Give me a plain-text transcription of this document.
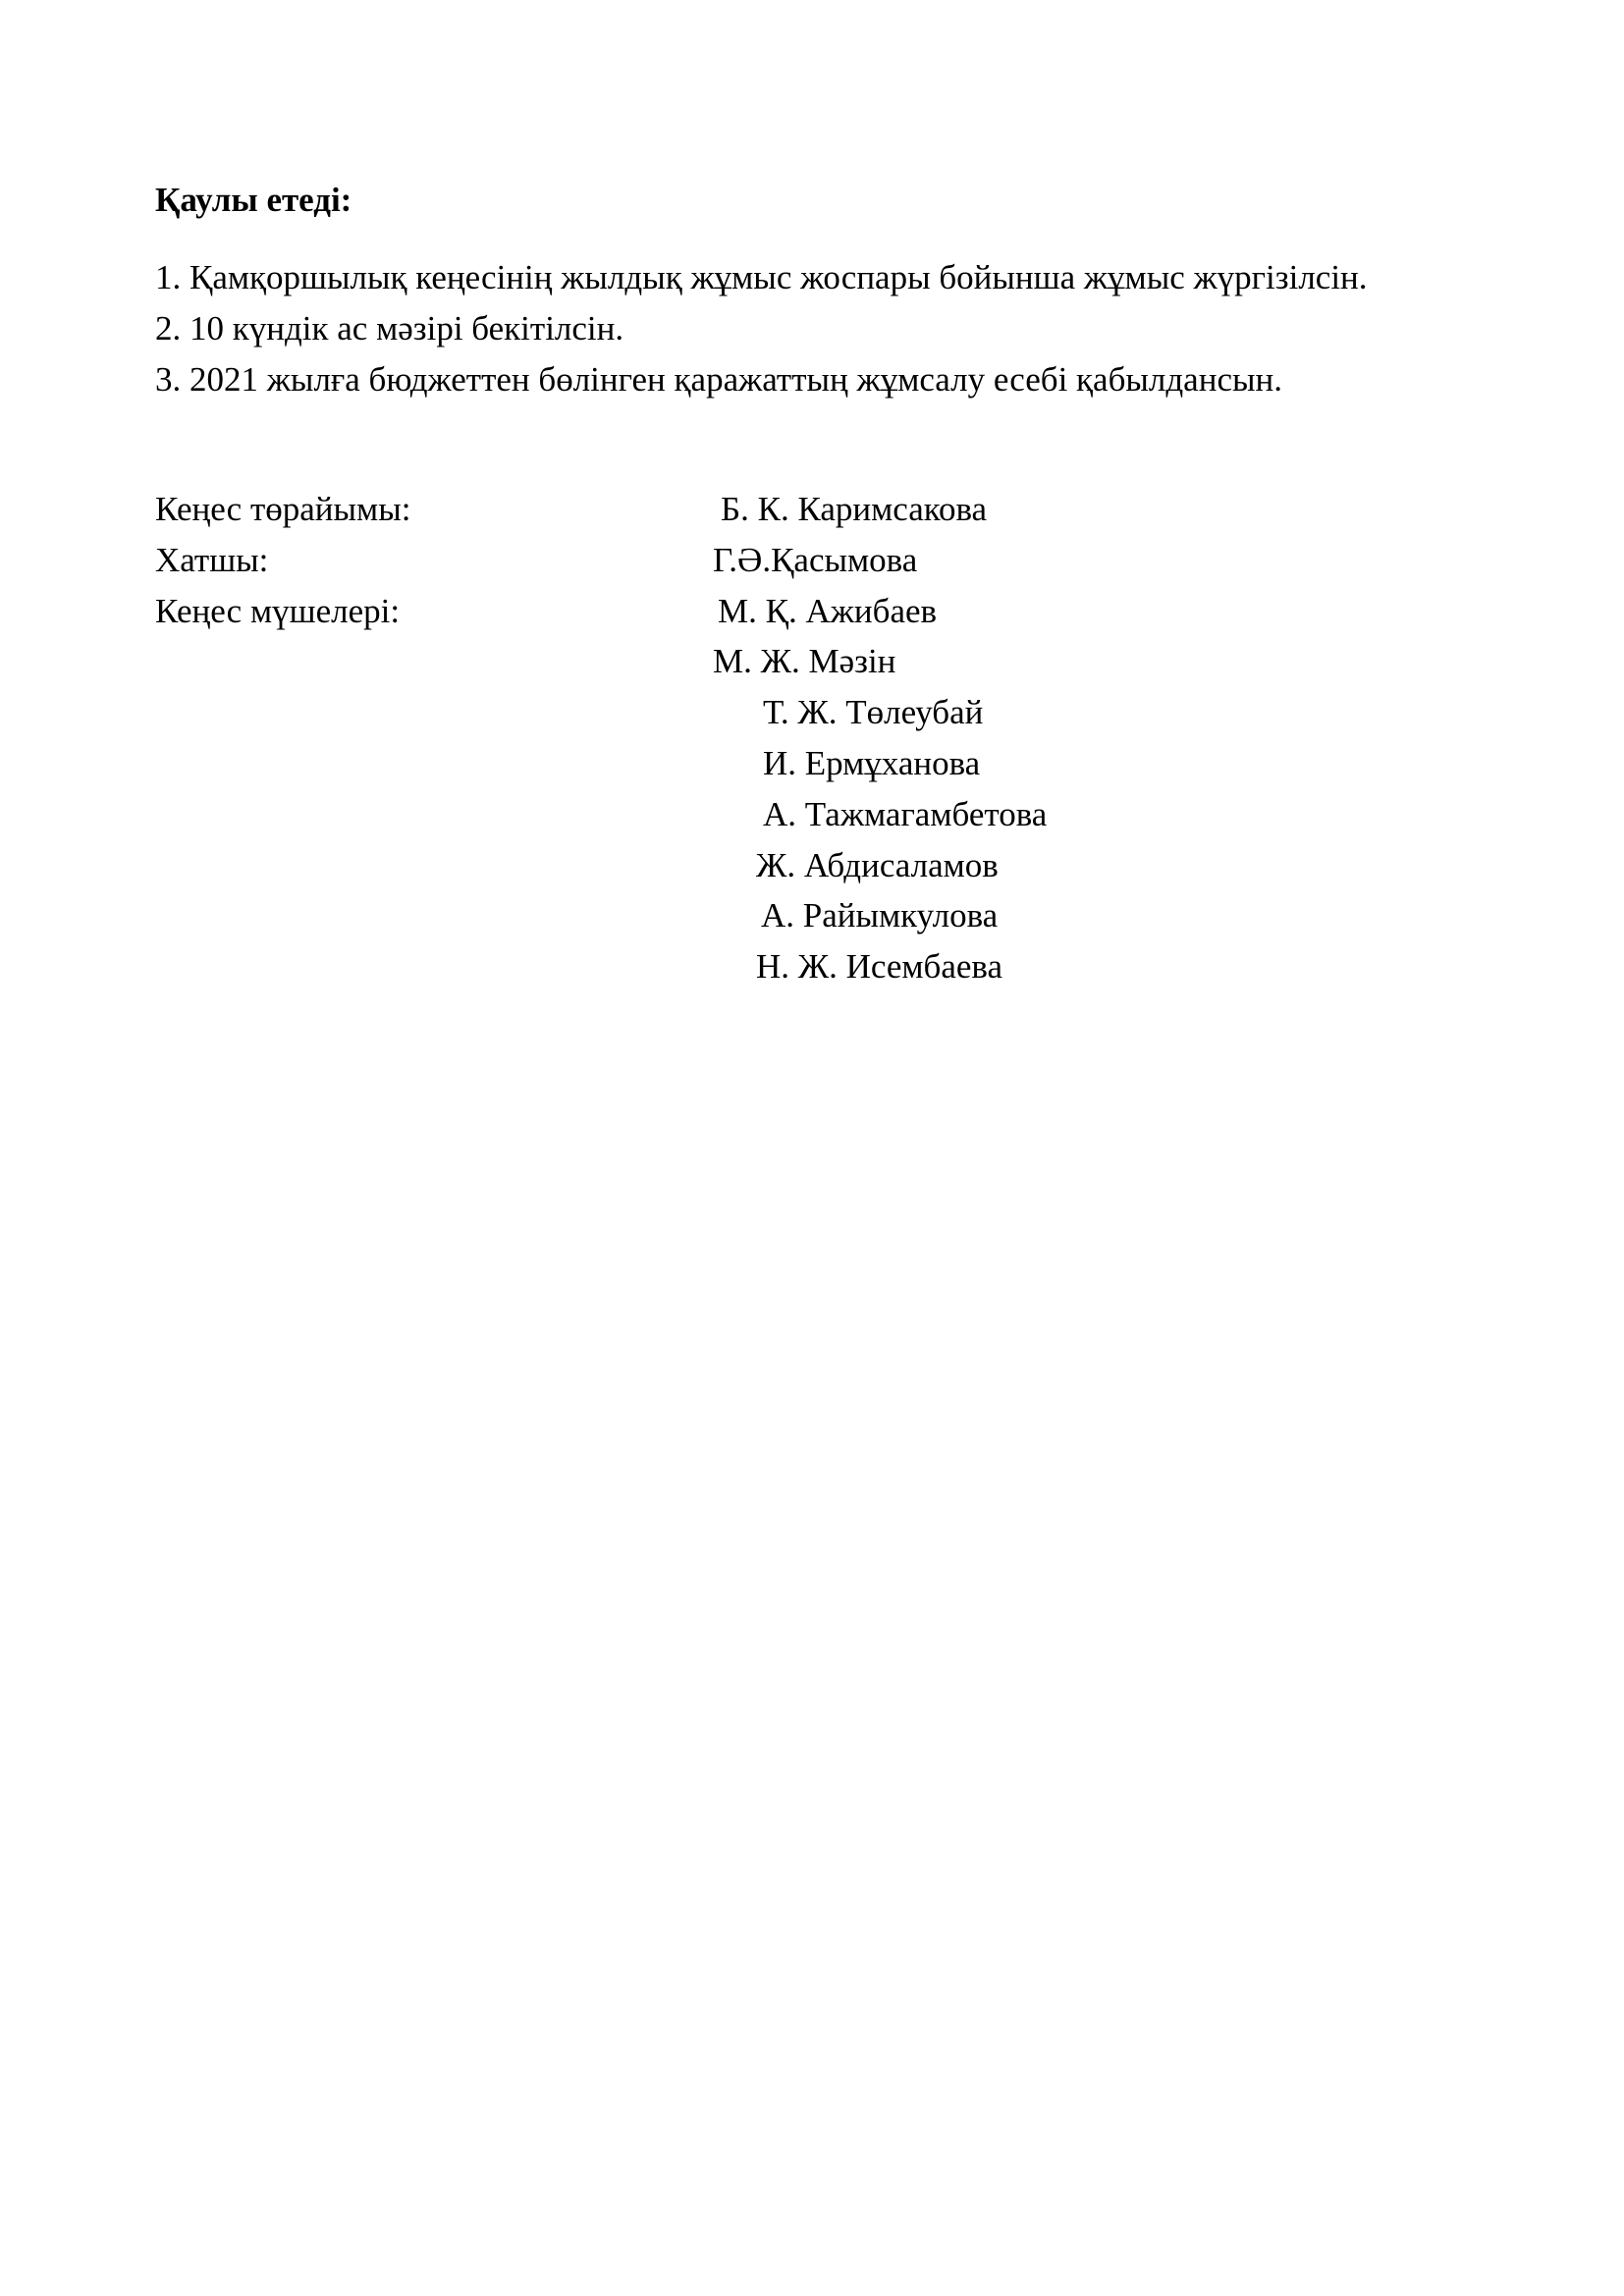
Қаулы етеді:
1. Қамқоршылық кеңесінің жылдық жұмыс жоспары бойынша жұмыс жүргізілсін.
2. 10 күндік ас мәзірі бекітілсін.
3. 2021 жылға бюджеттен бөлінген қаражаттың жұмсалу есебі қабылдансын.
Кеңес төрайымы:
Хатшы:
Кеңес мүшелері:
Б. К. Каримсакова
Г.Ә.Қасымова
М. Қ. Ажибаев
М. Ж. Мәзін
Т. Ж. Төлеубай
И. Ермұханова
А. Тажмагамбетова
Ж. Абдисаламов
А. Райымкулова
Н. Ж. Исембаева
